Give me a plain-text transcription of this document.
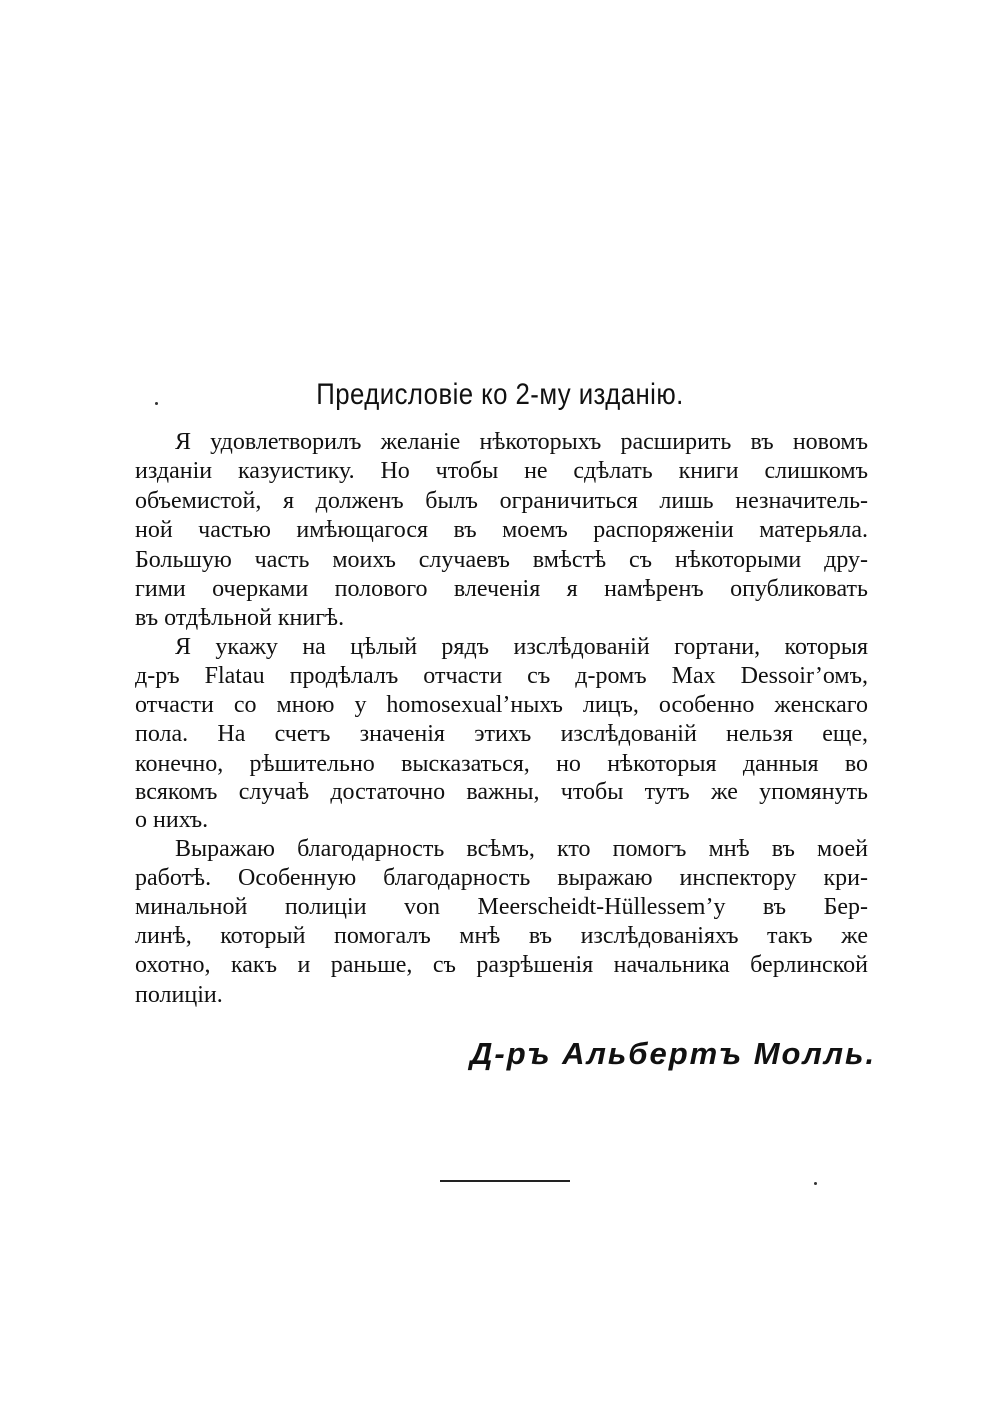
Предисловіе ко 2-му изданію.
Я удовлетворилъ желаніе нѣкоторыхъ расширить въ новомъ
изданіи казуистику. Но чтобы не сдѣлать книги слишкомъ
объемистой, я долженъ былъ ограничиться лишь незначитель-
ной частью имѣющагося въ моемъ распоряженіи матерьяла.
Большую часть моихъ случаевъ вмѣстѣ съ нѣкоторыми дру-
гими очерками полового влеченія я намѣренъ опубликовать
въ отдѣльной книгѣ.
Я укажу на цѣлый рядъ изслѣдованій гортани, которыя
д-ръ Flatau продѣлалъ отчасти съ д-ромъ Max Dessoir’омъ,
отчасти со мною у homosexual’ныхъ лицъ, особенно женскаго
пола. На счетъ значенія этихъ изслѣдованій нельзя еще,
конечно, рѣшительно высказаться, но нѣкоторыя данныя во
всякомъ случаѣ достаточно важны, чтобы тутъ же упомянуть
о нихъ.
Выражаю благодарность всѣмъ, кто помогъ мнѣ въ моей
работѣ. Особенную благодарность выражаю инспектору кри-
минальной полиціи von Meerscheidt-Hüllessem’у въ Бер-
линѣ, который помогалъ мнѣ въ изслѣдованіяхъ такъ же
охотно, какъ и раньше, съ разрѣшенія начальника берлинской
полиціи.
Д-ръ Альбертъ Молль.
